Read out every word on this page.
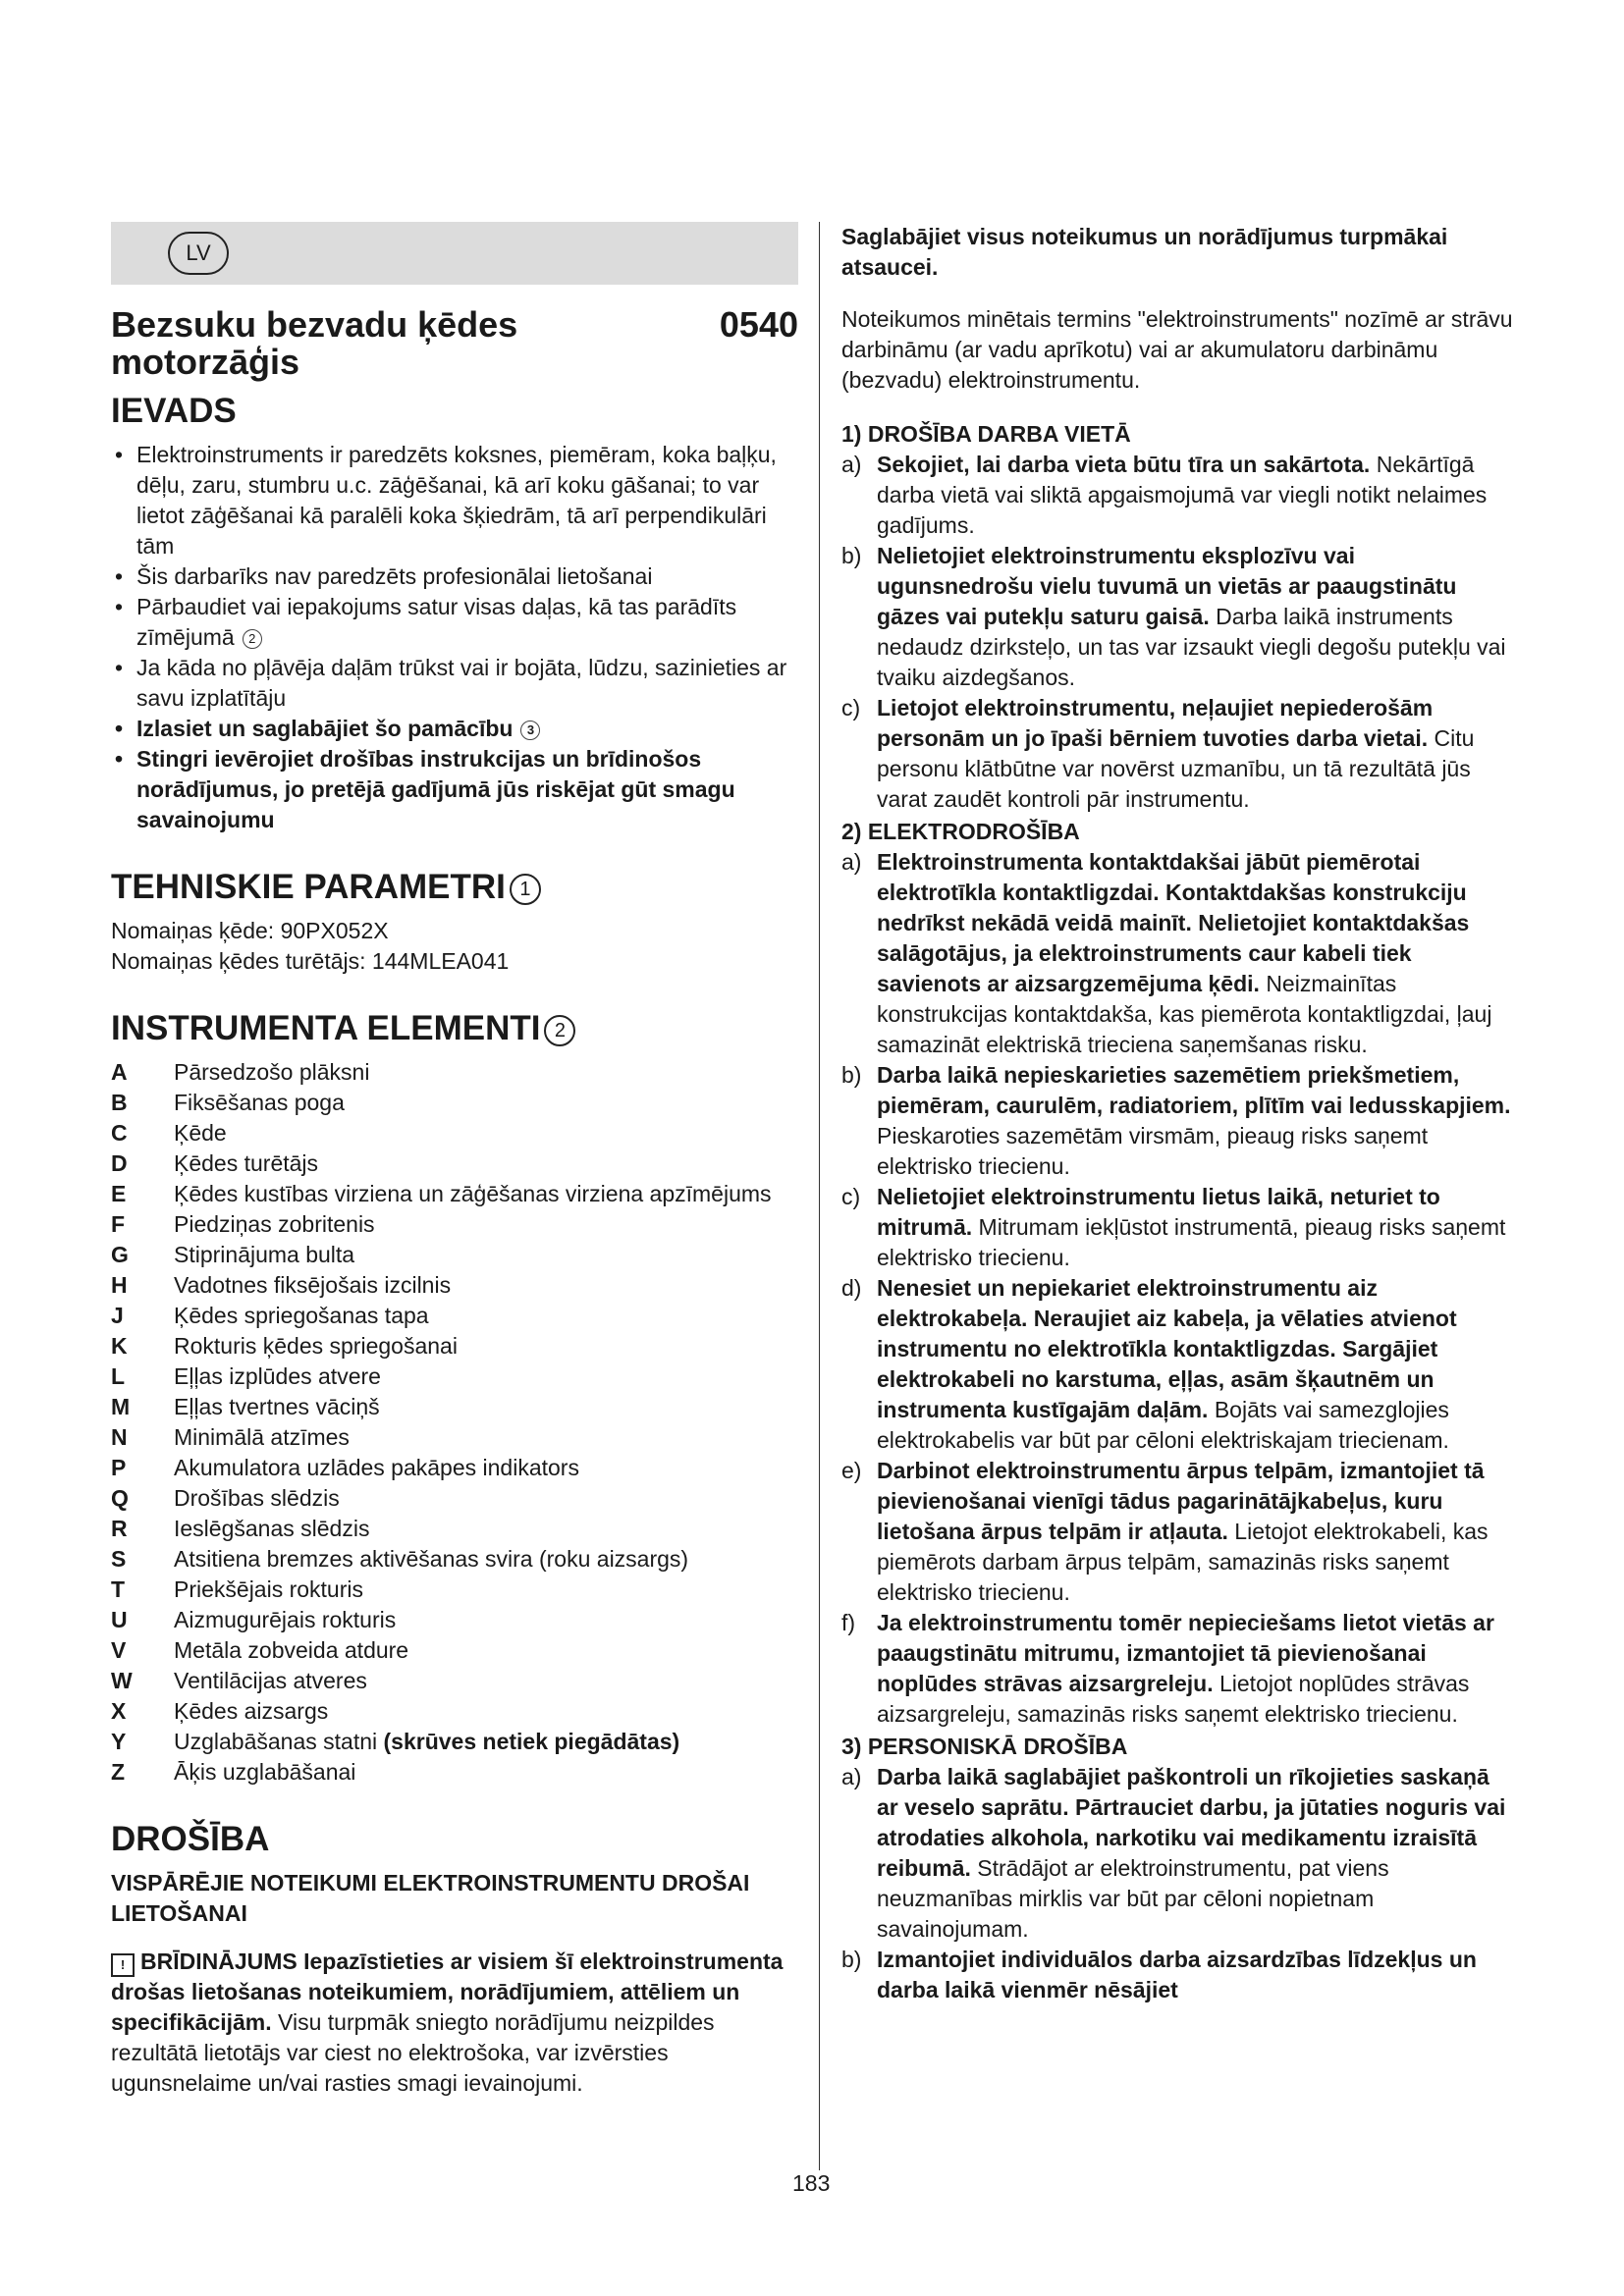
LV
Bezsuku bezvadu ķēdes motorzāģis
0540
IEVADS
• Elektroinstruments ir paredzēts koksnes, piemēram, koka baļķu, dēļu, zaru, stumbru u.c. zāģēšanai, kā arī koku gāšanai; to var lietot zāģēšanai kā paralēli koka šķiedrām, tā arī perpendikulāri tām
• Šis darbarīks nav paredzēts profesionālai lietošanai
• Pārbaudiet vai iepakojums satur visas daļas, kā tas parādīts zīmējumā 2
• Ja kāda no pļāvēja daļām trūkst vai ir bojāta, lūdzu, sazinieties ar savu izplatītāju
• Izlasiet un saglabājiet šo pamācību 3
• Stingri ievērojiet drošības instrukcijas un brīdinošos norādījumus, jo pretējā gadījumā jūs riskējat gūt smagu savainojumu
TEHNISKIE PARAMETRI 1
Nomaiņas ķēde: 90PX052X
Nomaiņas ķēdes turētājs: 144MLEA041
INSTRUMENTA ELEMENTI 2
A	Pārsedzošo plāksni
B	Fiksēšanas poga
C	Ķēde
D	Ķēdes turētājs
E	Ķēdes kustības virziena un zāģēšanas virziena apzīmējums
F	Piedziņas zobritenis
G	Stiprinājuma bulta
H	Vadotnes fiksējošais izcilnis
J	Ķēdes spriegošanas tapa
K	Rokturis ķēdes spriegošanai
L	Eļļas izplūdes atvere
M	Eļļas tvertnes vāciņš
N	Minimālā atzīmes
P	Akumulatora uzlādes pakāpes indikators
Q	Drošības slēdzis
R	Ieslēgšanas slēdzis
S	Atsitiena bremzes aktivēšanas svira (roku aizsargs)
T	Priekšējais rokturis
U	Aizmugurējais rokturis
V	Metāla zobveida atdure
W	Ventilācijas atveres
X	Ķēdes aizsargs
Y	Uzglabāšanas statni (skrūves netiek piegādātas)
Z	Āķis uzglabāšanai
DROŠĪBA
VISPĀRĒJIE NOTEIKUMI ELEKTROINSTRUMENTU DROŠAI LIETOŠANAI
! BRĪDINĀJUMS Iepazīstieties ar visiem šī elektroinstrumenta drošas lietošanas noteikumiem, norādījumiem, attēliem un specifikācijām. Visu turpmāk sniegto norādījumu neizpildes rezultātā lietotājs var ciest no elektrošoka, var izvērsties ugunsnelaime un/vai rasties smagi ievainojumi.
Saglabājiet visus noteikumus un norādījumus turpmākai atsaucei.
Noteikumos minētais termins "elektroinstruments" nozīmē ar strāvu darbināmu (ar vadu aprīkotu) vai ar akumulatoru darbināmu (bezvadu) elektroinstrumentu.
1) DROŠĪBA DARBA VIETĀ
a) Sekojiet, lai darba vieta būtu tīra un sakārtota. Nekārtīgā darba vietā vai sliktā apgaismojumā var viegli notikt nelaimes gadījums.
b) Nelietojiet elektroinstrumentu eksplozīvu vai ugunsnedrošu vielu tuvumā un vietās ar paaugstinātu gāzes vai putekļu saturu gaisā. Darba laikā instruments nedaudz dzirksteļo, un tas var izsaukt viegli degošu putekļu vai tvaiku aizdegšanos.
c) Lietojot elektroinstrumentu, neļaujiet nepiederošām personām un jo īpaši bērniem tuvoties darba vietai. Citu personu klātbūtne var novērst uzmanību, un tā rezultātā jūs varat zaudēt kontroli pār instrumentu.
2) ELEKTRODROŠĪBA
a) Elektroinstrumenta kontaktdakšai jābūt piemērotai elektrotīkla kontaktligzdai. Kontaktdakšas konstrukciju nedrīkst nekādā veidā mainīt. Nelietojiet kontaktdakšas salāgotājus, ja elektroinstruments caur kabeli tiek savienots ar aizsargzemējuma ķēdi. Neizmainītas konstrukcijas kontaktdakša, kas piemērota kontaktligzdai, ļauj samazināt elektriskā trieciena saņemšanas risku.
b) Darba laikā nepieskarieties sazemētiem priekšmetiem, piemēram, caurulēm, radiatoriem, plītīm vai ledusskapjiem. Pieskaroties sazemētām virsmām, pieaug risks saņemt elektrisko triecienu.
c) Nelietojiet elektroinstrumentu lietus laikā, neturiet to mitrumā. Mitrumam iekļūstot instrumentā, pieaug risks saņemt elektrisko triecienu.
d) Nenesiet un nepiekariet elektroinstrumentu aiz elektrokabeļa. Neraujiet aiz kabeļa, ja vēlaties atvienot instrumentu no elektrotīkla kontaktligzdas. Sargājiet elektrokabeli no karstuma, eļļas, asām šķautnēm un instrumenta kustīgajām daļām. Bojāts vai samezglojies elektrokabelis var būt par cēloni elektriskajam triecienam.
e) Darbinot elektroinstrumentu ārpus telpām, izmantojiet tā pievienošanai vienīgi tādus pagarinātājkabeļus, kuru lietošana ārpus telpām ir atļauta. Lietojot elektrokabeli, kas piemērots darbam ārpus telpām, samazinās risks saņemt elektrisko triecienu.
f) Ja elektroinstrumentu tomēr nepieciešams lietot vietās ar paaugstinātu mitrumu, izmantojiet tā pievienošanai noplūdes strāvas aizsargreleju. Lietojot noplūdes strāvas aizsargreleju, samazinās risks saņemt elektrisko triecienu.
3) PERSONISKĀ DROŠĪBA
a) Darba laikā saglabājiet paškontroli un rīkojieties saskaņā ar veselo saprātu. Pārtrauciet darbu, ja jūtaties noguris vai atrodaties alkohola, narkotiku vai medikamentu izraisītā reibumā. Strādājot ar elektroinstrumentu, pat viens neuzmanības mirklis var būt par cēloni nopietnam savainojumam.
b) Izmantojiet individuālos darba aizsardzības līdzekļus un darba laikā vienmēr nēsājiet
183
